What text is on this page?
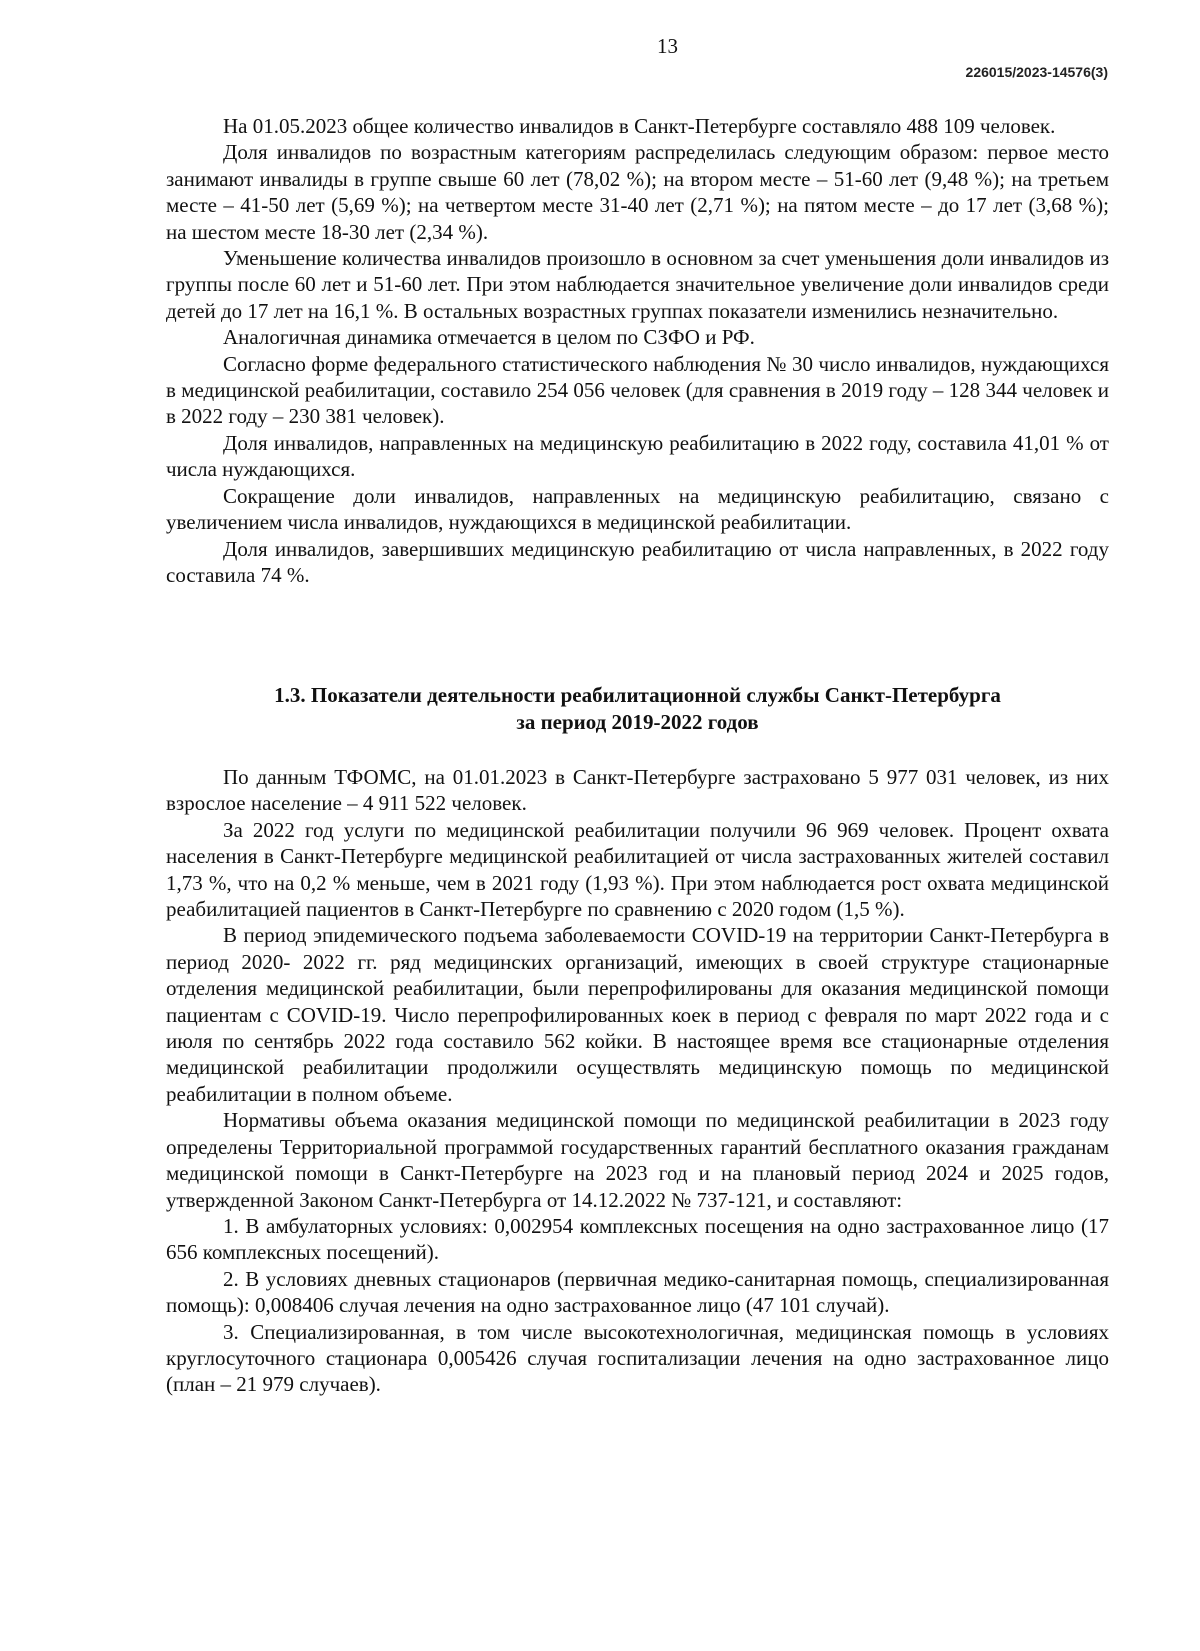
13
226015/2023-14576(3)

На 01.05.2023 общее количество инвалидов в Санкт-Петербурге составляло 488 109 человек.

Доля инвалидов по возрастным категориям распределилась следующим образом: первое место занимают инвалиды в группе свыше 60 лет (78,02 %); на втором месте – 51-60 лет (9,48 %); на третьем месте – 41-50 лет (5,69 %); на четвертом месте 31-40 лет (2,71 %); на пятом месте – до 17 лет (3,68 %); на шестом месте 18-30 лет (2,34 %).

Уменьшение количества инвалидов произошло в основном за счет уменьшения доли инвалидов из группы после 60 лет и 51-60 лет. При этом наблюдается значительное увеличение доли инвалидов среди детей до 17 лет на 16,1 %. В остальных возрастных группах показатели изменились незначительно.

Аналогичная динамика отмечается в целом по СЗФО и РФ.

Согласно форме федерального статистического наблюдения № 30 число инвалидов, нуждающихся в медицинской реабилитации, составило 254 056 человек (для сравнения в 2019 году – 128 344 человек и в 2022 году – 230 381 человек).

Доля инвалидов, направленных на медицинскую реабилитацию в 2022 году, составила 41,01 % от числа нуждающихся.

Сокращение доли инвалидов, направленных на медицинскую реабилитацию, связано с увеличением числа инвалидов, нуждающихся в медицинской реабилитации.

Доля инвалидов, завершивших медицинскую реабилитацию от числа направленных, в 2022 году составила 74 %.

1.3. Показатели деятельности реабилитационной службы Санкт-Петербурга
за период 2019-2022 годов

По данным ТФОМС, на 01.01.2023 в Санкт-Петербурге застраховано 5 977 031 человек, из них взрослое население – 4 911 522 человек.

За 2022 год услуги по медицинской реабилитации получили 96 969 человек. Процент охвата населения в Санкт-Петербурге медицинской реабилитацией от числа застрахованных жителей составил 1,73 %, что на 0,2 % меньше, чем в 2021 году (1,93 %). При этом наблюдается рост охвата медицинской реабилитацией пациентов в Санкт-Петербурге по сравнению с 2020 годом (1,5 %).

В период эпидемического подъема заболеваемости COVID-19 на территории Санкт-Петербурга в период 2020- 2022 гг. ряд медицинских организаций, имеющих в своей структуре стационарные отделения медицинской реабилитации, были перепрофилированы для оказания медицинской помощи пациентам с COVID-19. Число перепрофилированных коек в период с февраля по март 2022 года и с июля по сентябрь 2022 года составило 562 койки. В настоящее время все стационарные отделения медицинской реабилитации продолжили осуществлять медицинскую помощь по медицинской реабилитации в полном объеме.

Нормативы объема оказания медицинской помощи по медицинской реабилитации в 2023 году определены Территориальной программой государственных гарантий бесплатного оказания гражданам медицинской помощи в Санкт-Петербурге на 2023 год и на плановый период 2024 и 2025 годов, утвержденной Законом Санкт-Петербурга от 14.12.2022 № 737-121, и составляют:

1. В амбулаторных условиях: 0,002954 комплексных посещения на одно застрахованное лицо (17 656 комплексных посещений).

2. В условиях дневных стационаров (первичная медико-санитарная помощь, специализированная помощь): 0,008406 случая лечения на одно застрахованное лицо (47 101 случай).

3. Специализированная, в том числе высокотехнологичная, медицинская помощь в условиях круглосуточного стационара 0,005426 случая госпитализации лечения на одно застрахованное лицо (план – 21 979 случаев).
